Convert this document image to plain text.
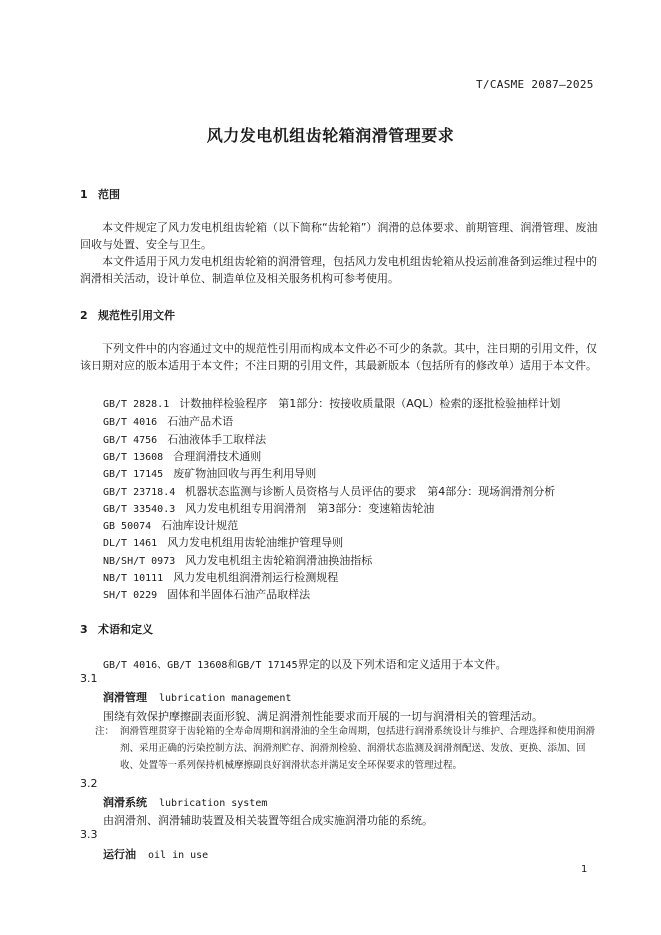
T/CASME 2087—2025
风力发电机组齿轮箱润滑管理要求
1 范围
本文件规定了风力发电机组齿轮箱（以下简称“齿轮箱”）润滑的总体要求、前期管理、润滑管理、废油回收与处置、安全与卫生。
本文件适用于风力发电机组齿轮箱的润滑管理，包括风力发电机组齿轮箱从投运前准备到运维过程中的润滑相关活动，设计单位、制造单位及相关服务机构可参考使用。
2 规范性引用文件
下列文件中的内容通过文中的规范性引用而构成本文件必不可少的条款。其中，注日期的引用文件，仅该日期对应的版本适用于本文件；不注日期的引用文件，其最新版本（包括所有的修改单）适用于本文件。
GB/T 2828.1 计数抽样检验程序　第1部分：按接收质量限（AQL）检索的逐批检验抽样计划
GB/T 4016 石油产品术语
GB/T 4756 石油液体手工取样法
GB/T 13608 合理润滑技术通则
GB/T 17145 废矿物油回收与再生利用导则
GB/T 23718.4 机器状态监测与诊断人员资格与人员评估的要求　第4部分：现场润滑剂分析
GB/T 33540.3 风力发电机组专用润滑剂　第3部分：变速箱齿轮油
GB 50074 石油库设计规范
DL/T 1461 风力发电机组用齿轮油维护管理导则
NB/SH/T 0973 风力发电机组主齿轮箱润滑油换油指标
NB/T 10111 风力发电机组润滑剂运行检测规程
SH/T 0229 固体和半固体石油产品取样法
3 术语和定义
GB/T 4016、GB/T 13608和GB/T 17145界定的以及下列术语和定义适用于本文件。
3.1
润滑管理 lubrication management
围绕有效保护摩擦副表面形貌、满足润滑剂性能要求而开展的一切与润滑相关的管理活动。
注： 润滑管理贯穿于齿轮箱的全寿命周期和润滑油的全生命周期，包括进行润滑系统设计与维护、合理选择和使用润滑剂、采用正确的污染控制方法、润滑剂贮存、润滑剂检验、润滑状态监测及润滑剂配送、发放、更换、添加、回收、处置等一系列保持机械摩擦副良好润滑状态并满足安全环保要求的管理过程。
3.2
润滑系统 lubrication system
由润滑剂、润滑辅助装置及相关装置等组合成实施润滑功能的系统。
3.3
运行油 oil in use
1
